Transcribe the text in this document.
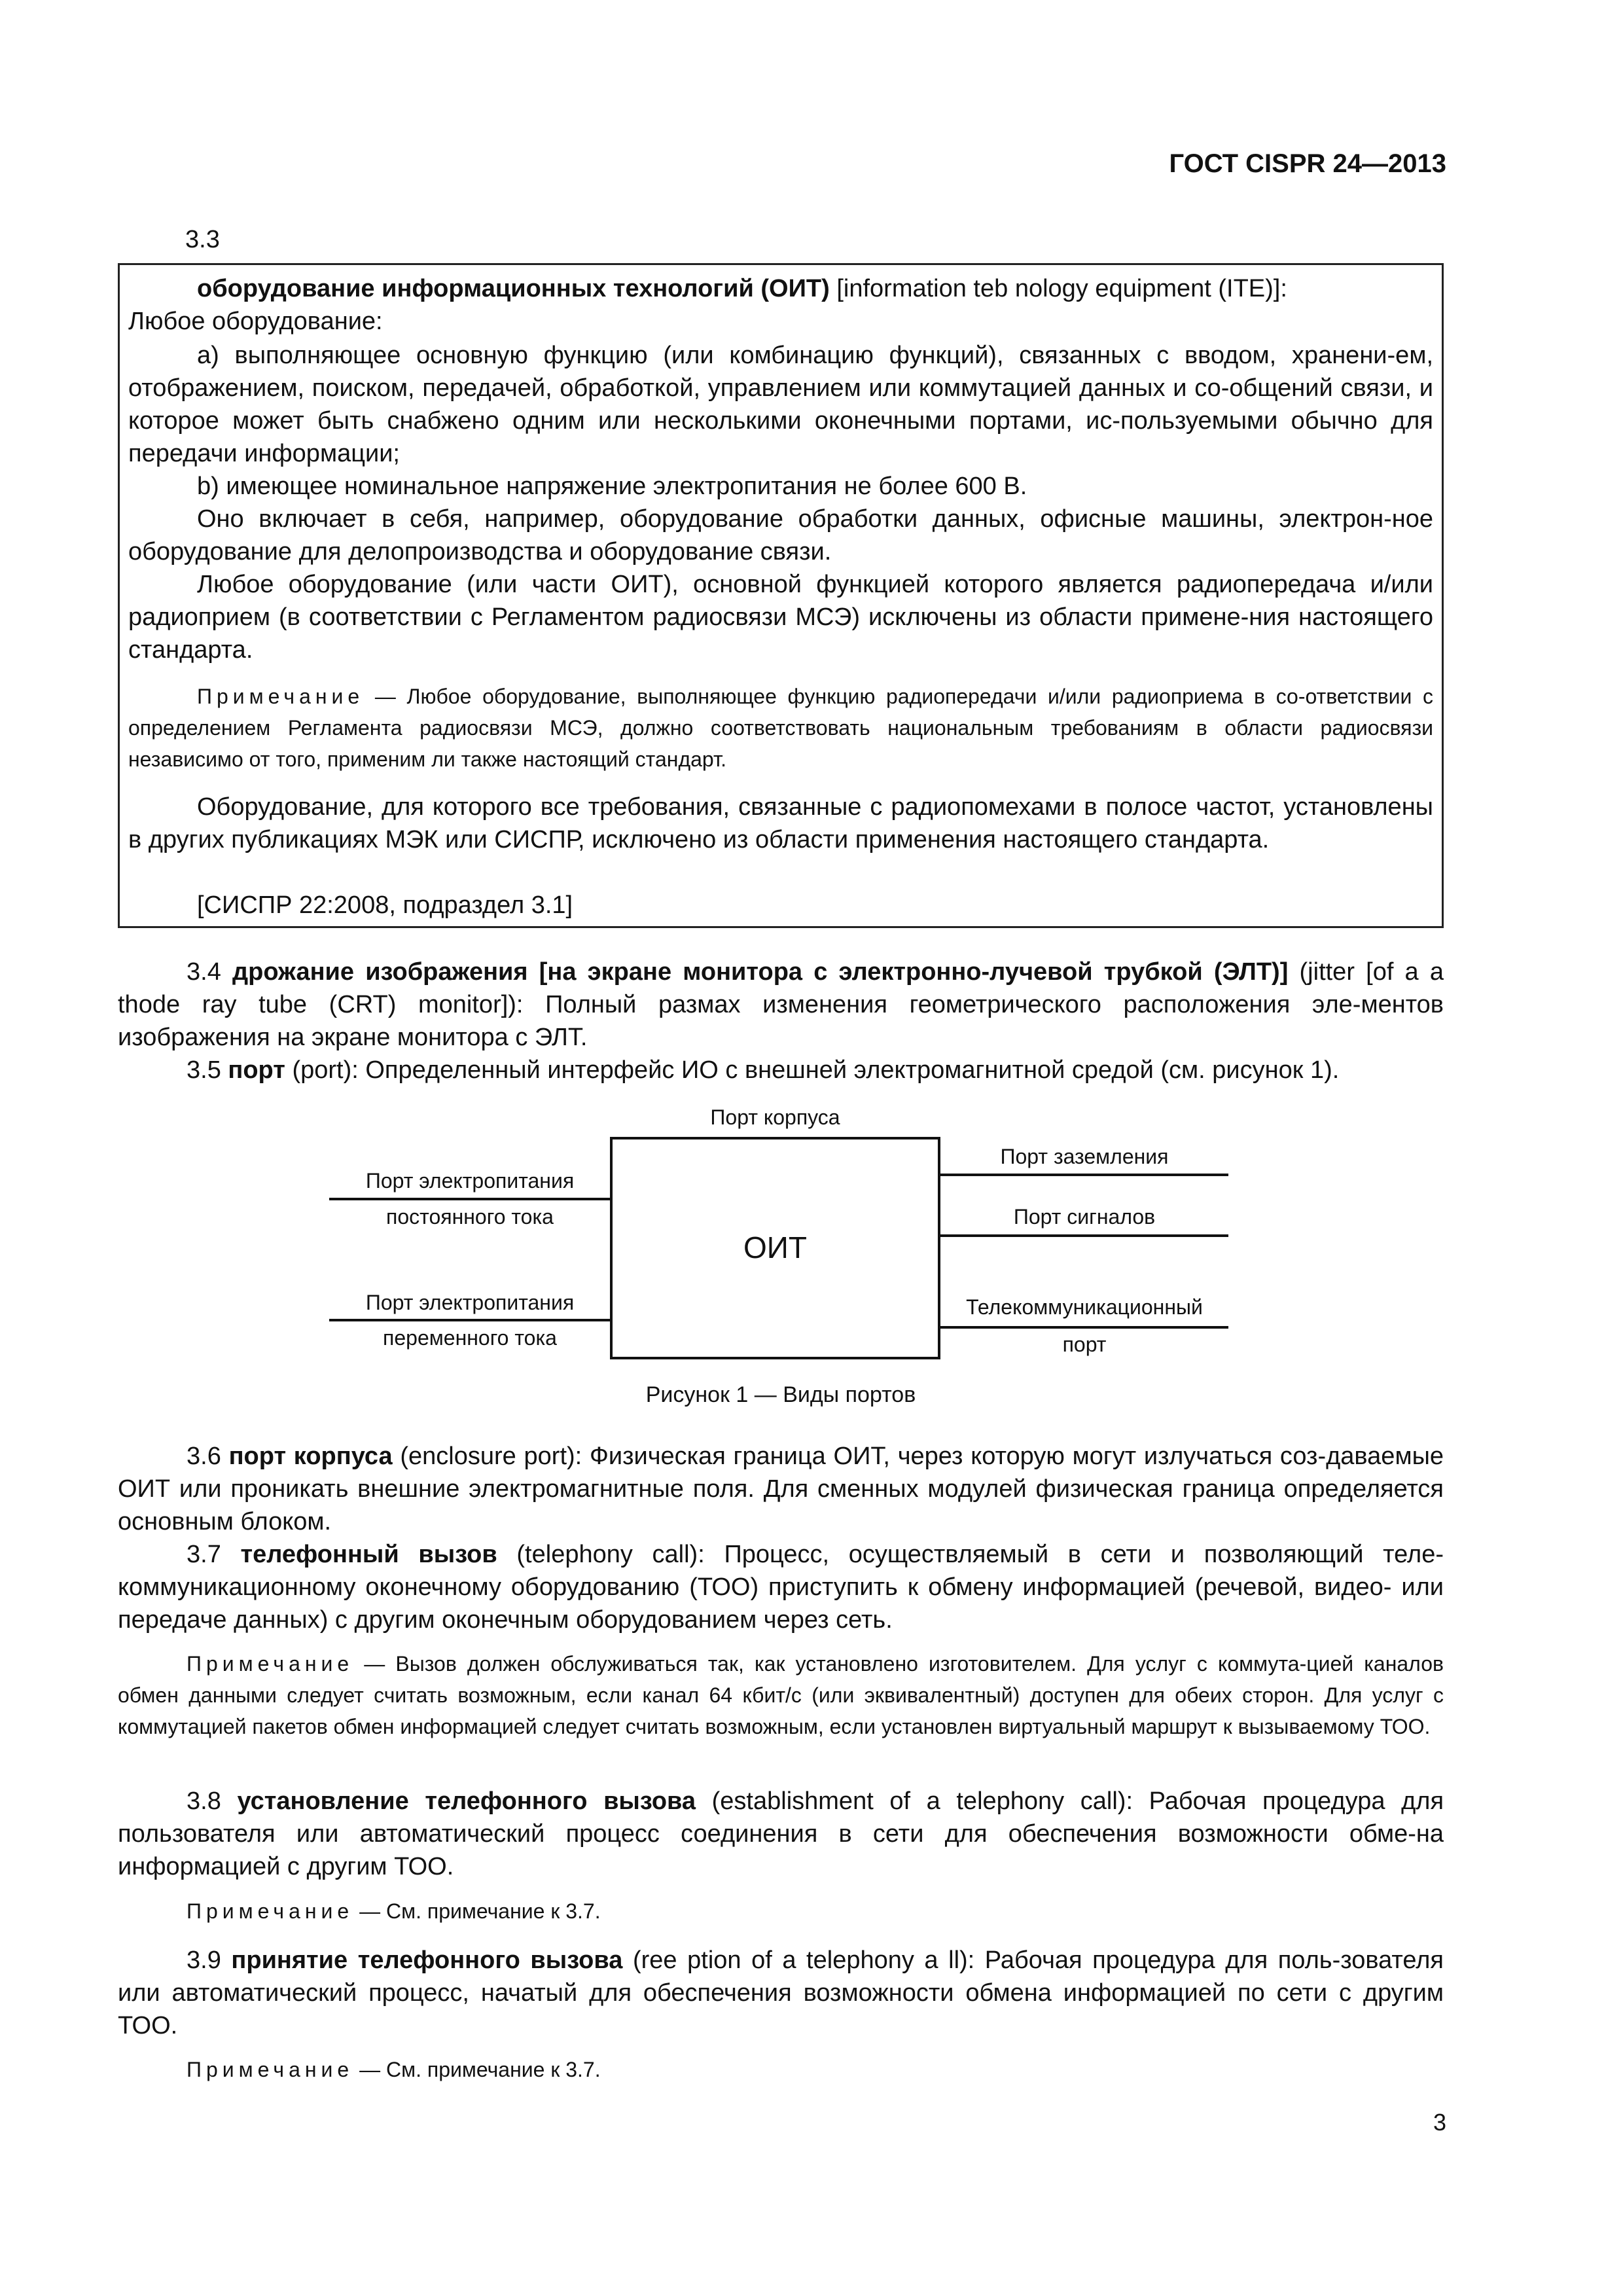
ГОСТ CISPR 24—2013
3.3
оборудование информационных технологий (ОИТ) [information teb nology equipment (ITE)]:
Любое оборудование:
а) выполняющее основную функцию (или комбинацию функций), связанных с вводом, хранени-ем, отображением, поиском, передачей, обработкой, управлением или коммутацией данных и со-общений связи, и которое может быть снабжено одним или несколькими оконечными портами, ис-пользуемыми обычно для передачи информации;
b) имеющее номинальное напряжение электропитания не более 600 В.
Оно включает в себя, например, оборудование обработки данных, офисные машины, электрон-ное оборудование для делопроизводства и оборудование связи.
Любое оборудование (или части ОИТ), основной функцией которого является радиопередача и/или радиоприем (в соответствии с Регламентом радиосвязи МСЭ) исключены из области примене-ния настоящего стандарта.
Примечание — Любое оборудование, выполняющее функцию радиопередачи и/или радиоприема в со-ответствии с определением Регламента радиосвязи МСЭ, должно соответствовать национальным требованиям в области радиосвязи независимо от того, применим ли также настоящий стандарт.
Оборудование, для которого все требования, связанные с радиопомехами в полосе частот, установлены в других публикациях МЭК или СИСПР, исключено из области применения настоящего стандарта.
[СИСПР 22:2008, подраздел 3.1]
3.4 дрожание изображения [на экране монитора с электронно-лучевой трубкой (ЭЛТ)] (jitter [of a a thode ray tube (CRT) monitor]): Полный размах изменения геометрического расположения эле-ментов изображения на экране монитора с ЭЛТ.
3.5 порт (port): Определенный интерфейс ИО с внешней электромагнитной средой (см. рисунок 1).
ОИТ
Порт корпуса
Порт электропитания
постоянного тока
Порт электропитания
переменного тока
Порт заземления
Порт сигналов
Телекоммуникационный
порт
Рисунок 1 — Виды портов
3.6 порт корпуса (enclosure port): Физическая граница ОИТ, через которую могут излучаться соз-даваемые ОИТ или проникать внешние электромагнитные поля. Для сменных модулей физическая граница определяется основным блоком.
3.7 телефонный вызов (telephony call): Процесс, осуществляемый в сети и позволяющий теле-коммуникационному оконечному оборудованию (ТОО) приступить к обмену информацией (речевой, видео- или передаче данных) с другим оконечным оборудованием через сеть.
Примечание — Вызов должен обслуживаться так, как установлено изготовителем. Для услуг с коммута-цией каналов обмен данными следует считать возможным, если канал 64 кбит/с (или эквивалентный) доступен для обеих сторон. Для услуг с коммутацией пакетов обмен информацией следует считать возможным, если установлен виртуальный маршрут к вызываемому ТОО.
3.8 установление телефонного вызова (establishment of a telephony call): Рабочая процедура для пользователя или автоматический процесс соединения в сети для обеспечения возможности обме-на информацией с другим ТОО.
Примечание — См. примечание к 3.7.
3.9 принятие телефонного вызова (ree ption of a telephony a ll): Рабочая процедура для поль-зователя или автоматический процесс, начатый для обеспечения возможности обмена информацией по сети с другим ТОО.
Примечание — См. примечание к 3.7.
3
